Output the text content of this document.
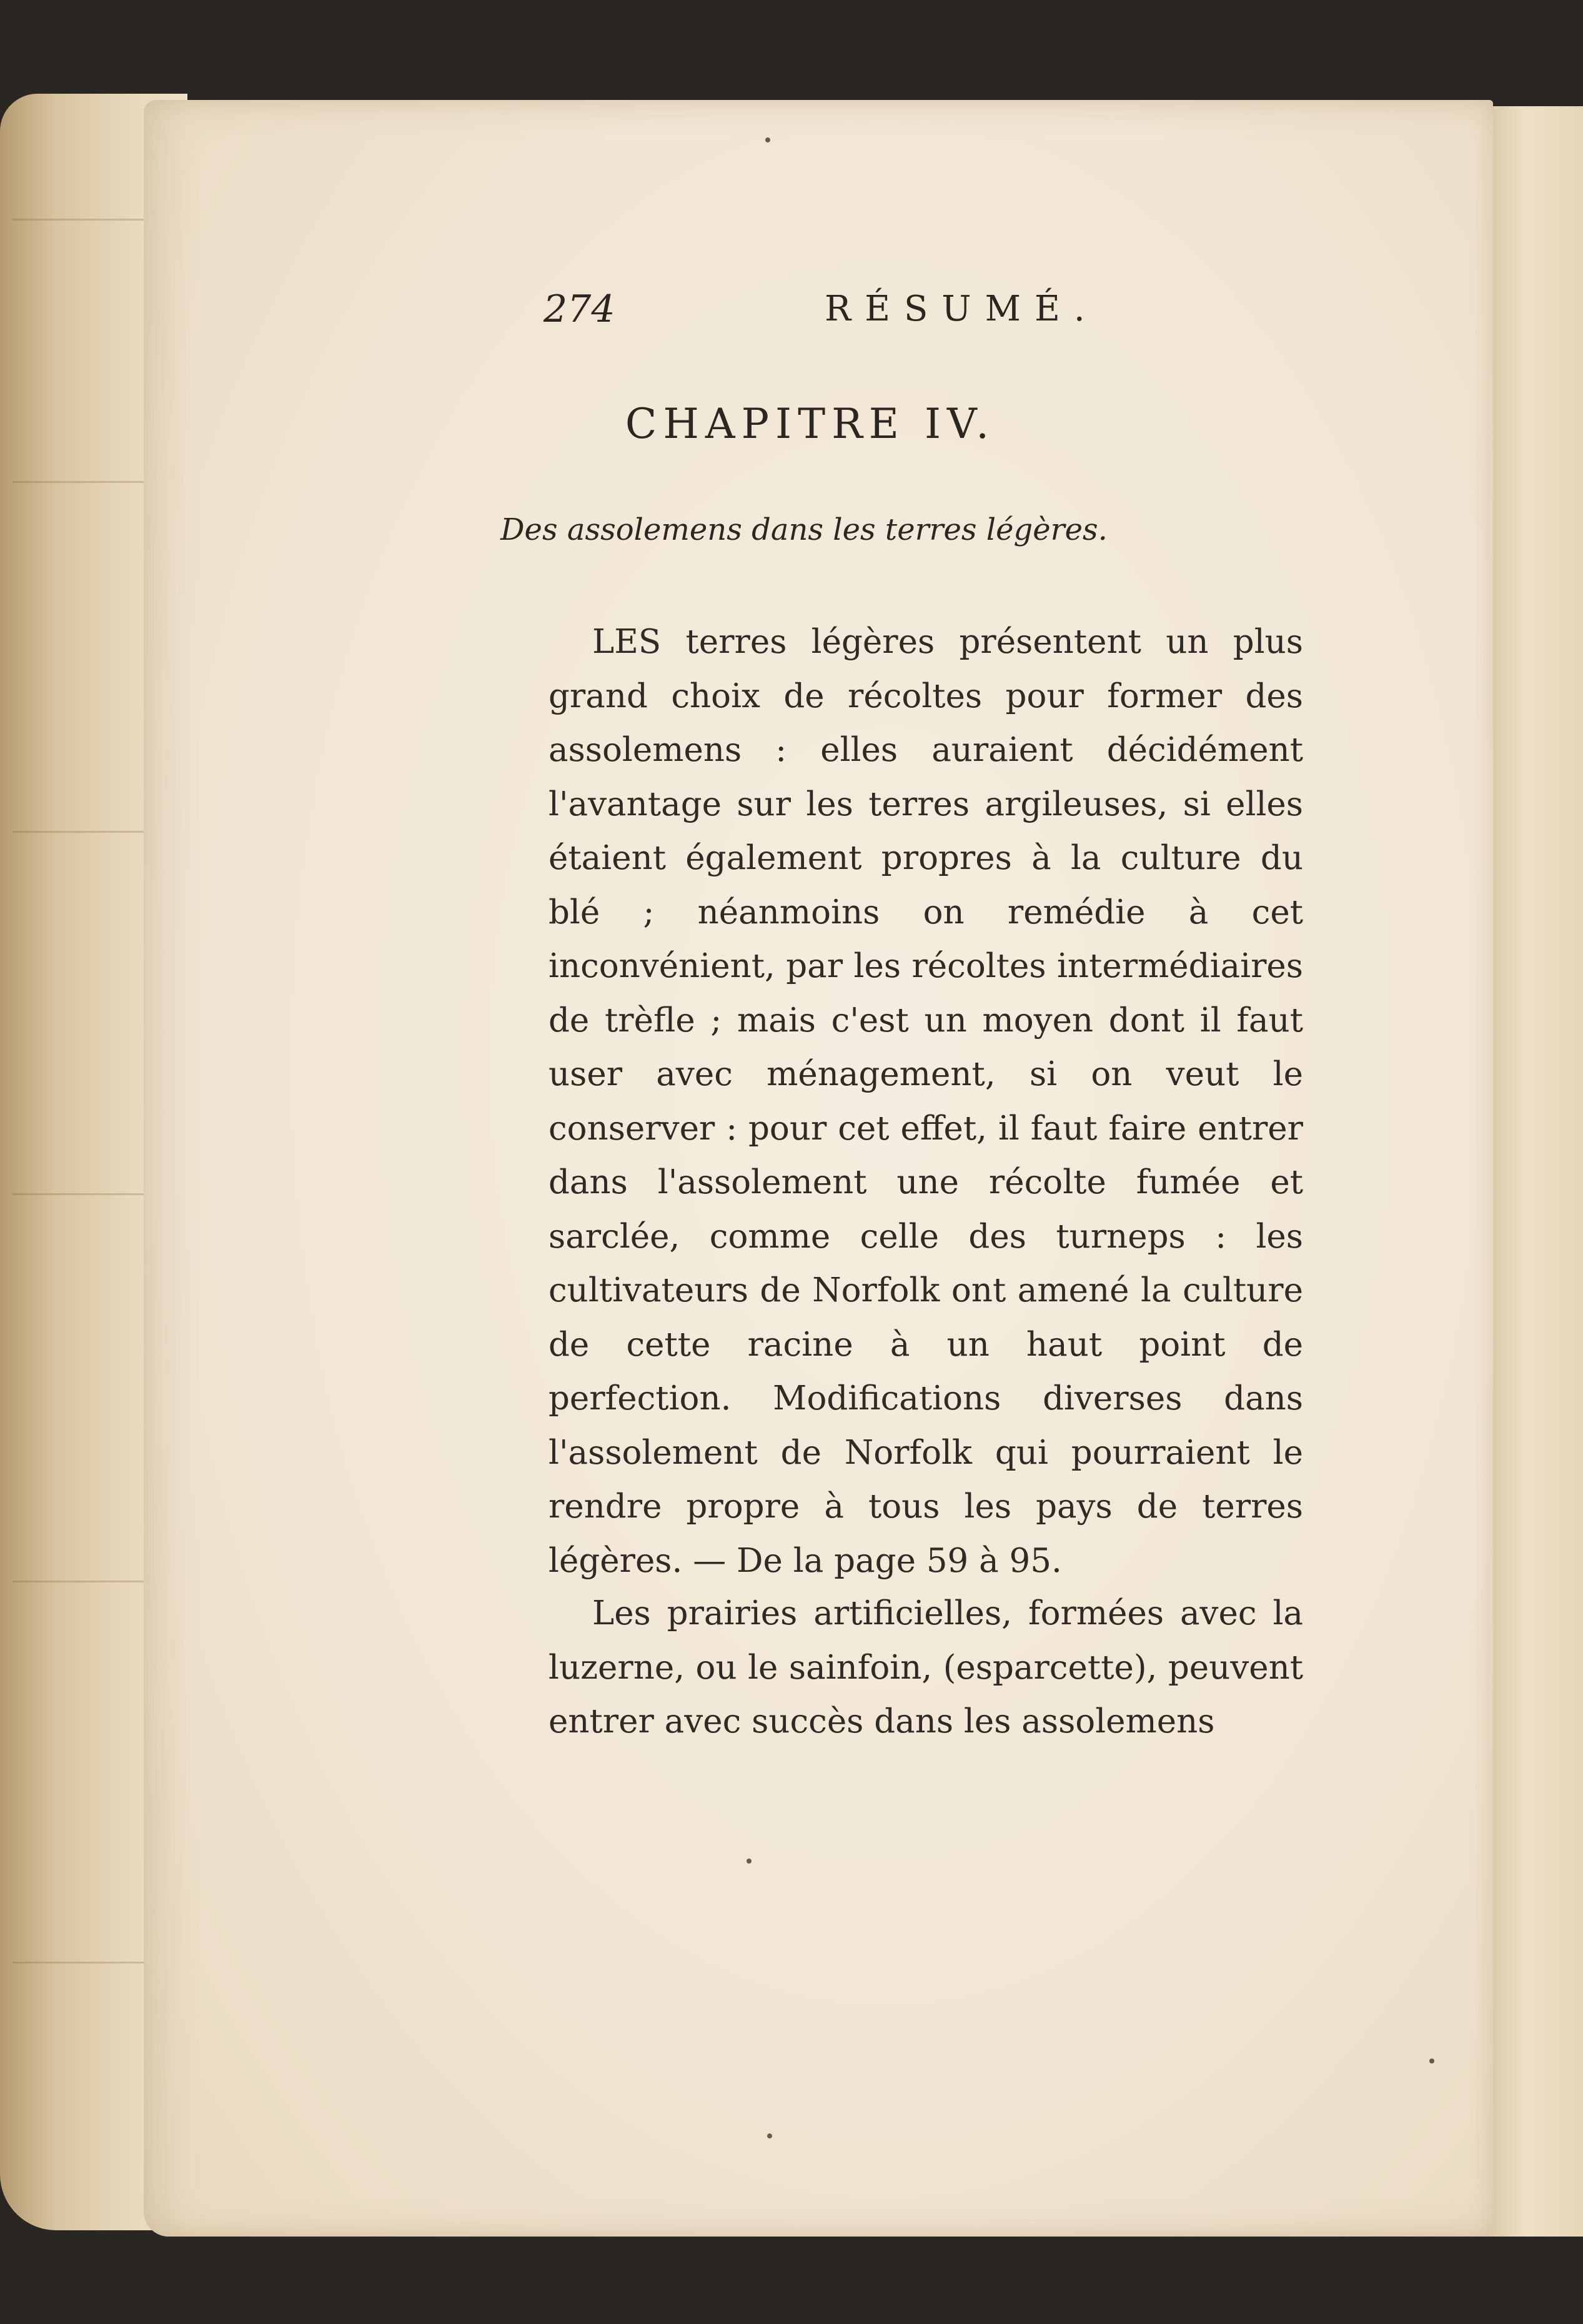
274	RÉSUMÉ.
CHAPITRE IV.
Des assolemens dans les terres légères.
LES terres légères présentent un plus grand choix de récoltes pour former des assolemens : elles auraient décidément l'avantage sur les terres argileuses, si elles étaient également propres à la culture du blé ; néanmoins on remédie à cet inconvénient, par les récoltes intermédiaires de trèfle ; mais c'est un moyen dont il faut user avec ménagement, si on veut le conserver : pour cet effet, il faut faire entrer dans l'assolement une récolte fumée et sarclée, comme celle des turneps : les cultivateurs de Norfolk ont amené la culture de cette racine à un haut point de perfection. Modifications diverses dans l'assolement de Norfolk qui pourraient le rendre propre à tous les pays de terres légères. — De la page 59 à 95.
Les prairies artificielles, formées avec la luzerne, ou le sainfoin, (esparcette), peuvent entrer avec succès dans les assolemens
